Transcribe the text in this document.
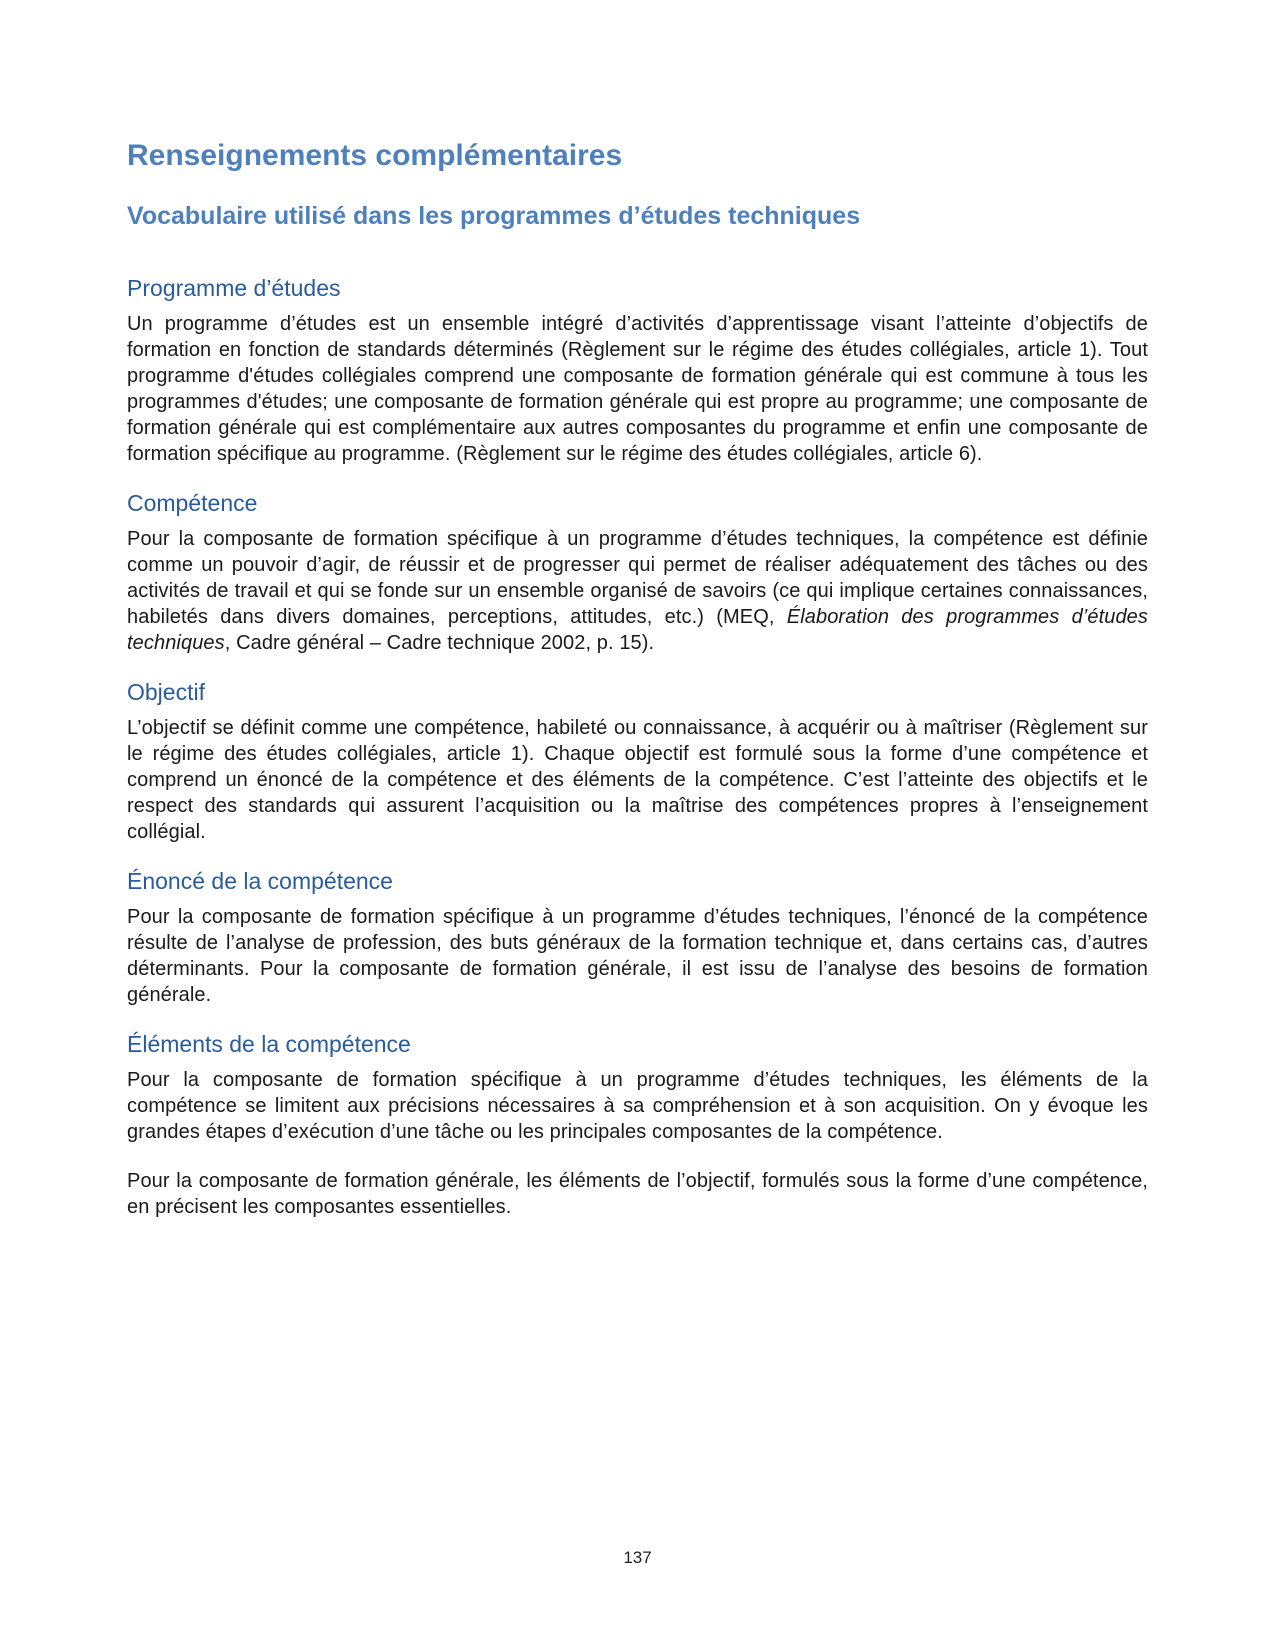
Renseignements complémentaires
Vocabulaire utilisé dans les programmes d’études techniques
Programme d’études

Un programme d’études est un ensemble intégré d’activités d’apprentissage visant l’atteinte d’objectifs de formation en fonction de standards déterminés (Règlement sur le régime des études collégiales, article 1). Tout programme d'études collégiales comprend une composante de formation générale qui est commune à tous les programmes d'études; une composante de formation générale qui est propre au programme; une composante de formation générale qui est complémentaire aux autres composantes du programme et enfin une composante de formation spécifique au programme. (Règlement sur le régime des études collégiales, article 6).

Compétence

Pour la composante de formation spécifique à un programme d’études techniques, la compétence est définie comme un pouvoir d’agir, de réussir et de progresser qui permet de réaliser adéquatement des tâches ou des activités de travail et qui se fonde sur un ensemble organisé de savoirs (ce qui implique certaines connaissances, habiletés dans divers domaines, perceptions, attitudes, etc.) (MEQ, Élaboration des programmes d’études techniques, Cadre général – Cadre technique 2002, p. 15).

Objectif

L’objectif se définit comme une compétence, habileté ou connaissance, à acquérir ou à maîtriser (Règlement sur le régime des études collégiales, article 1). Chaque objectif est formulé sous la forme d’une compétence et comprend un énoncé de la compétence et des éléments de la compétence. C’est l’atteinte des objectifs et le respect des standards qui assurent l’acquisition ou la maîtrise des compétences propres à l’enseignement collégial.

Énoncé de la compétence

Pour la composante de formation spécifique à un programme d’études techniques, l’énoncé de la compétence résulte de l’analyse de profession, des buts généraux de la formation technique et, dans certains cas, d’autres déterminants. Pour la composante de formation générale, il est issu de l’analyse des besoins de formation générale.

Éléments de la compétence

Pour la composante de formation spécifique à un programme d’études techniques, les éléments de la compétence se limitent aux précisions nécessaires à sa compréhension et à son acquisition. On y évoque les grandes étapes d’exécution d’une tâche ou les principales composantes de la compétence.

Pour la composante de formation générale, les éléments de l’objectif, formulés sous la forme d’une compétence, en précisent les composantes essentielles.

137
